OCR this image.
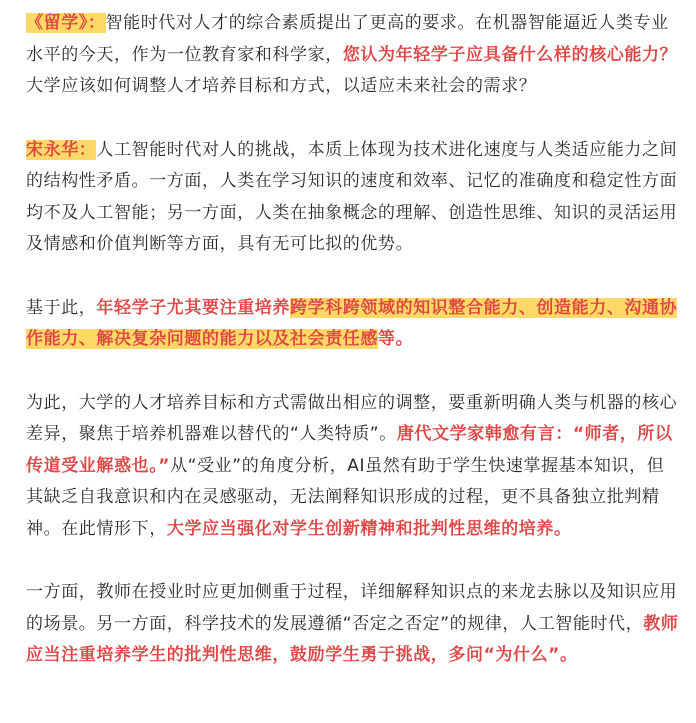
《留学》：智能时代对人才的综合素质提出了更高的要求。在机器智能逼近人类专业水平的今天，作为一位教育家和科学家，您认为年轻学子应具备什么样的核心能力？大学应该如何调整人才培养目标和方式，以适应未来社会的需求？

宋永华：人工智能时代对人的挑战，本质上体现为技术进化速度与人类适应能力之间的结构性矛盾。一方面，人类在学习知识的速度和效率、记忆的准确度和稳定性方面均不及人工智能；另一方面，人类在抽象概念的理解、创造性思维、知识的灵活运用及情感和价值判断等方面，具有无可比拟的优势。

基于此，年轻学子尤其要注重培养跨学科跨领域的知识整合能力、创造能力、沟通协作能力、解决复杂问题的能力以及社会责任感等。

为此，大学的人才培养目标和方式需做出相应的调整，要重新明确人类与机器的核心差异，聚焦于培养机器难以替代的“人类特质”。唐代文学家韩愈有言：“师者，所以传道受业解惑也。”从“受业”的角度分析，AI虽然有助于学生快速掌握基本知识，但其缺乏自我意识和内在灵感驱动，无法阐释知识形成的过程，更不具备独立批判精神。在此情形下，大学应当强化对学生创新精神和批判性思维的培养。

一方面，教师在授业时应更加侧重于过程，详细解释知识点的来龙去脉以及知识应用的场景。另一方面，科学技术的发展遵循“否定之否定”的规律，人工智能时代，教师应当注重培养学生的批判性思维，鼓励学生勇于挑战，多问“为什么”。
